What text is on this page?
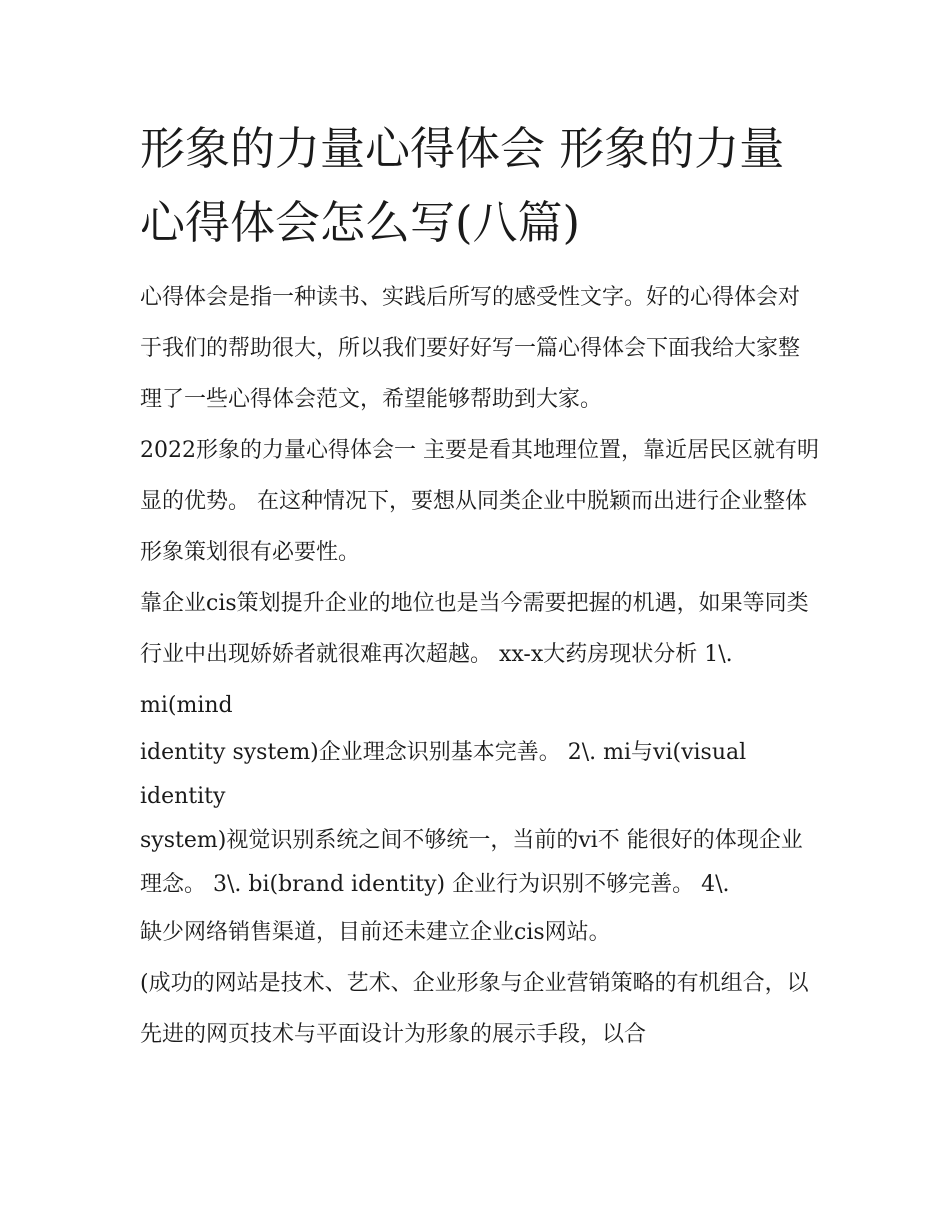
形象的力量心得体会 形象的力量心得体会怎么写(八篇)

心得体会是指一种读书、实践后所写的感受性文字。好的心得体会对于我们的帮助很大，所以我们要好好写一篇心得体会下面我给大家整理了一些心得体会范文，希望能够帮助到大家。

2022形象的力量心得体会一 主要是看其地理位置，靠近居民区就有明显的优势。 在这种情况下，要想从同类企业中脱颖而出进行企业整体形象策划很有必要性。

靠企业cis策划提升企业的地位也是当今需要把握的机遇，如果等同类行业中出现娇娇者就很难再次超越。 xx-x大药房现状分析 1\. mi(mind

identity system)企业理念识别基本完善。 2\. mi与vi(visual identity

system)视觉识别系统之间不够统一，当前的vi不 能很好的体现企业理念。 3\. bi(brand identity) 企业行为识别不够完善。 4\.

缺少网络销售渠道，目前还未建立企业cis网站。

(成功的网站是技术、艺术、企业形象与企业营销策略的有机组合，以先进的网页技术与平面设计为形象的展示手段，以合
